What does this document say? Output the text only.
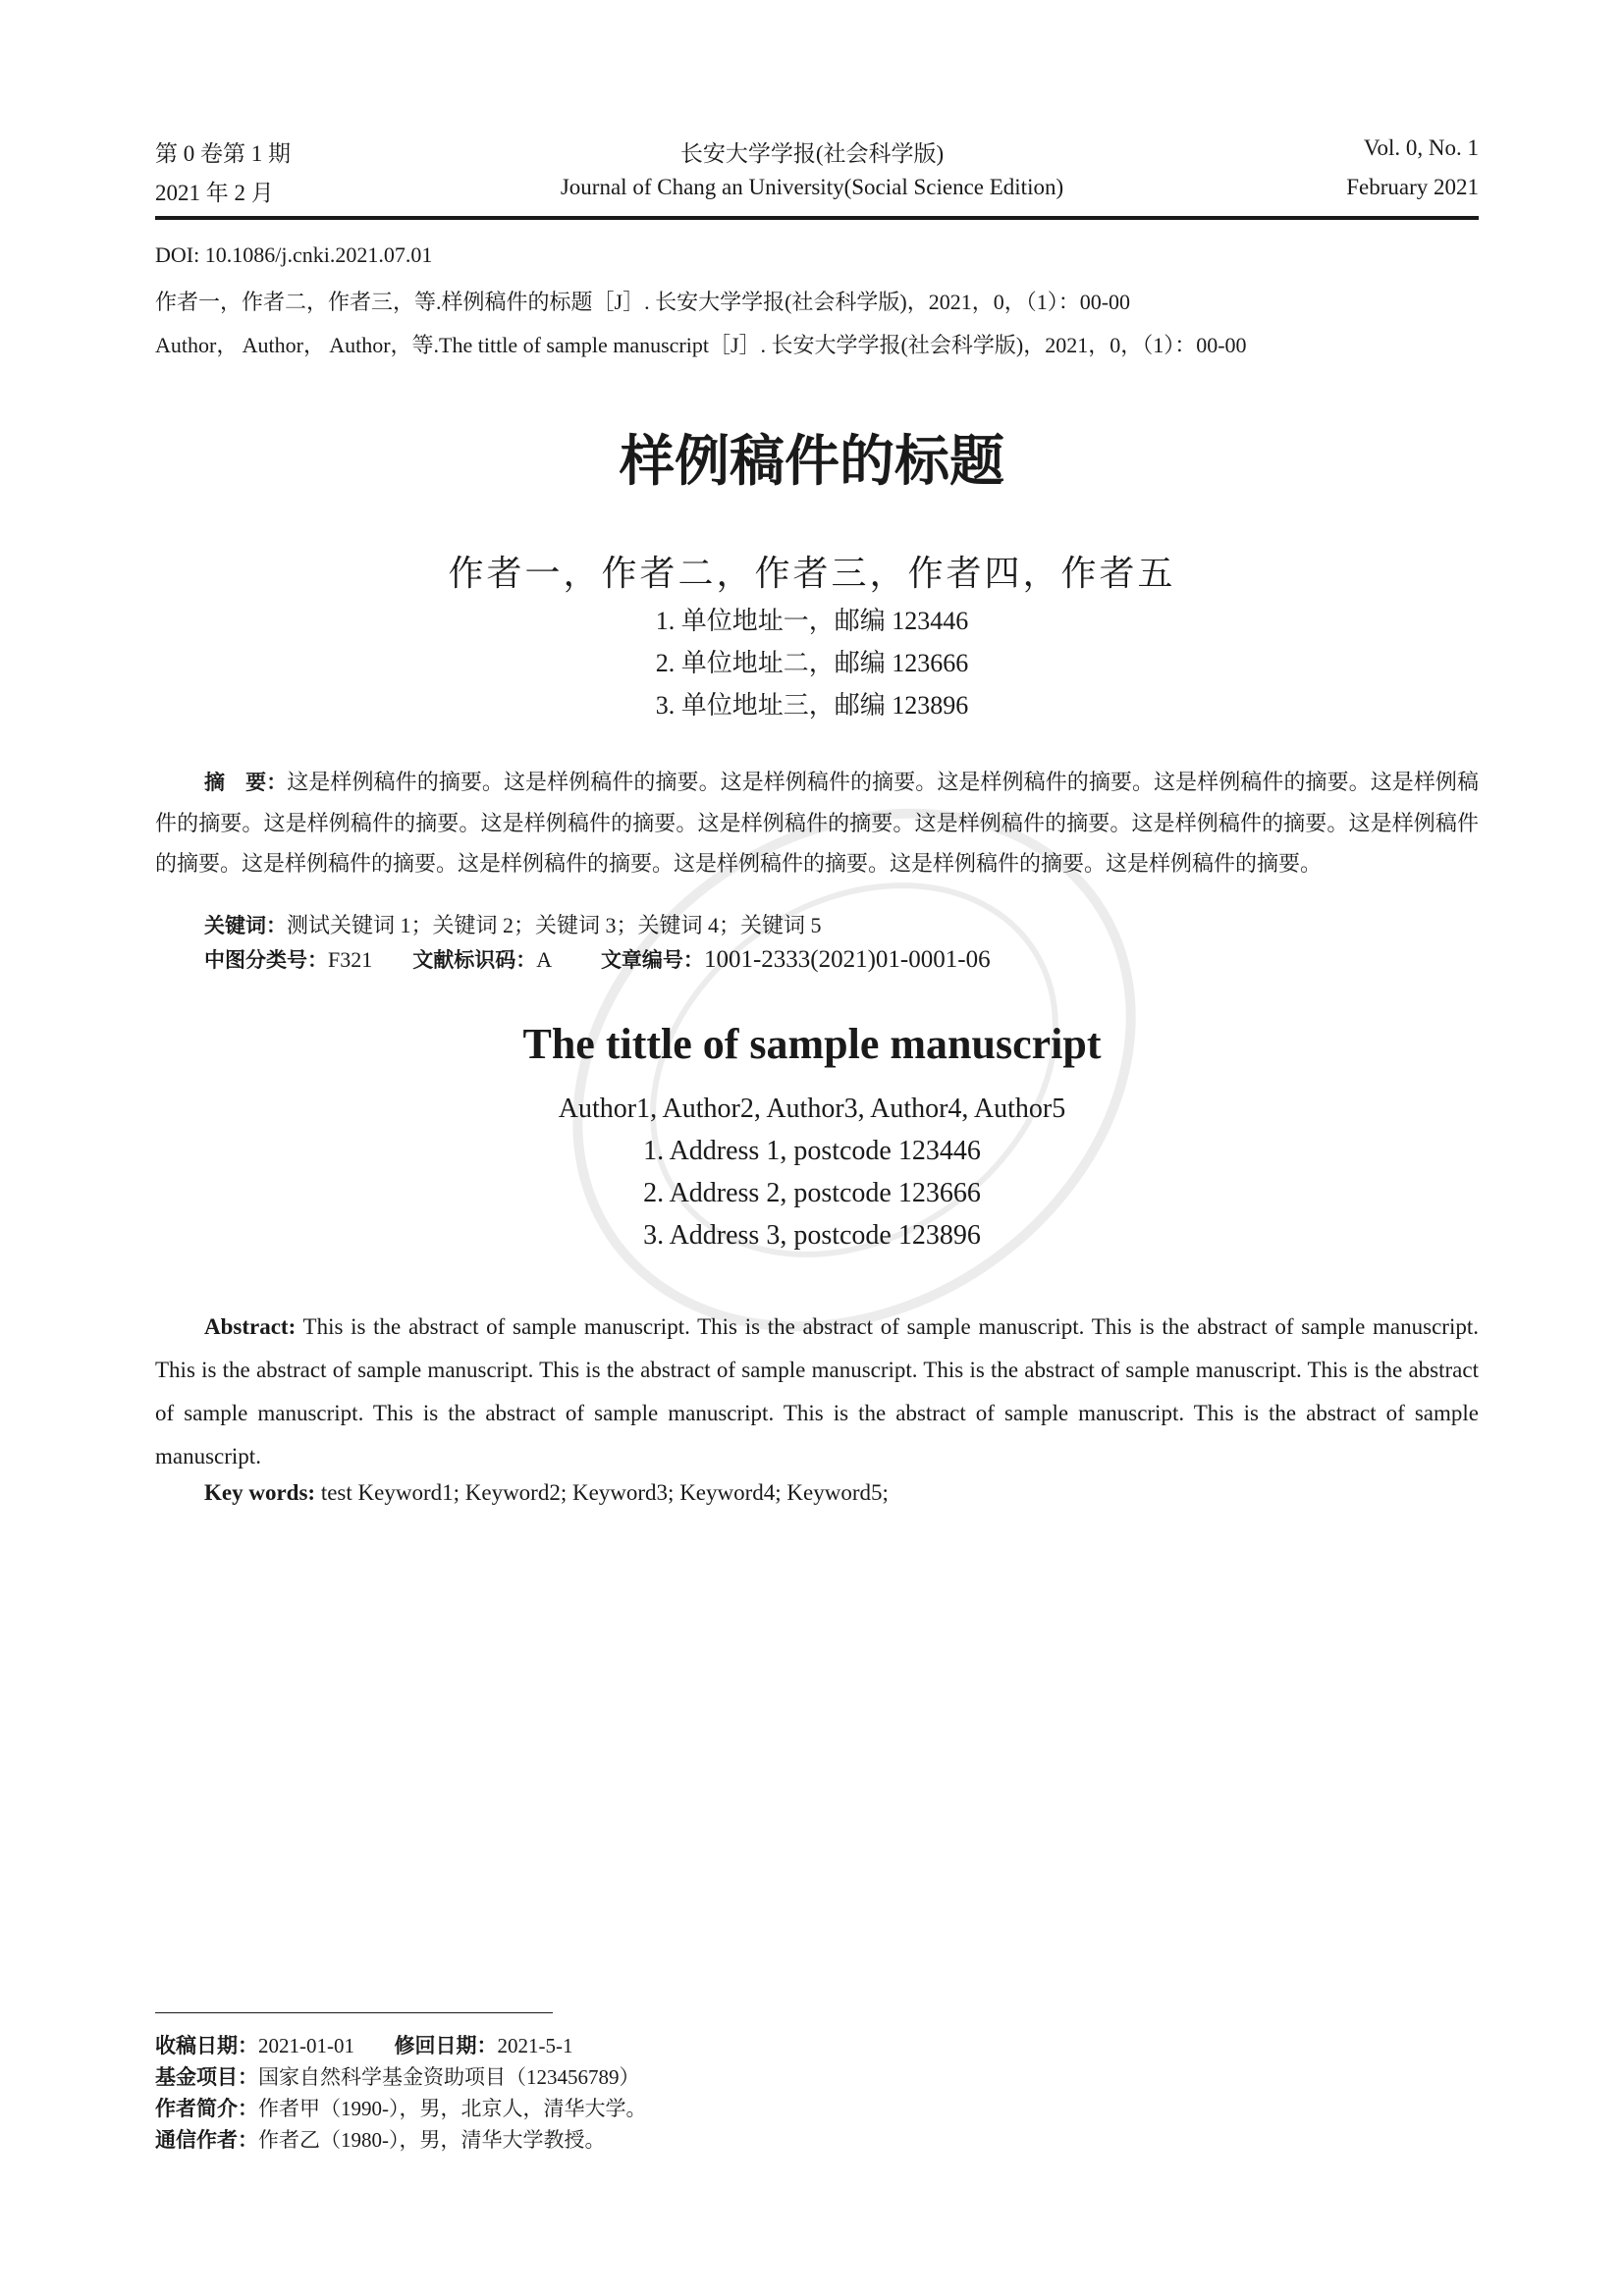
第 0 卷第 1 期	长安大学学报(社会科学版)	Vol. 0, No. 1
2021 年 2 月	Journal of Chang an University(Social Science Edition)	February 2021
DOI: 10.1086/j.cnki.2021.07.01
作者一，作者二，作者三，等.样例稿件的标题［J］. 长安大学学报(社会科学版)，2021，0，（1）：00-00
Author， Author， Author，等.The tittle of sample manuscript［J］. 长安大学学报(社会科学版)，2021，0，（1）：00-00
样例稿件的标题
作者一，作者二，作者三，作者四，作者五
1. 单位地址一，邮编 123446
2. 单位地址二，邮编 123666
3. 单位地址三，邮编 123896
摘　要：这是样例稿件的摘要。这是样例稿件的摘要。这是样例稿件的摘要。这是样例稿件的摘要。这是样例稿件的摘要。这是样例稿件的摘要。这是样例稿件的摘要。这是样例稿件的摘要。这是样例稿件的摘要。这是样例稿件的摘要。这是样例稿件的摘要。这是样例稿件的摘要。这是样例稿件的摘要。这是样例稿件的摘要。这是样例稿件的摘要。这是样例稿件的摘要。这是样例稿件的摘要。
关键词：测试关键词 1；关键词 2；关键词 3；关键词 4；关键词 5
中图分类号：F321 文献标识码：A 文章编号：1001-2333(2021)01-0001-06
The tittle of sample manuscript
Author1, Author2, Author3, Author4, Author5
1. Address 1, postcode 123446
2. Address 2, postcode 123666
3. Address 3, postcode 123896
Abstract: This is the abstract of sample manuscript. This is the abstract of sample manuscript. This is the abstract of sample manuscript. This is the abstract of sample manuscript. This is the abstract of sample manuscript. This is the abstract of sample manuscript. This is the abstract of sample manuscript. This is the abstract of sample manuscript. This is the abstract of sample manuscript. This is the abstract of sample manuscript.
Key words: test Keyword1; Keyword2; Keyword3; Keyword4; Keyword5;
收稿日期：2021-01-01 修回日期：2021-5-1
基金项目：国家自然科学基金资助项目（123456789）
作者简介：作者甲（1990-），男，北京人，清华大学。
通信作者：作者乙（1980-），男，清华大学教授。
